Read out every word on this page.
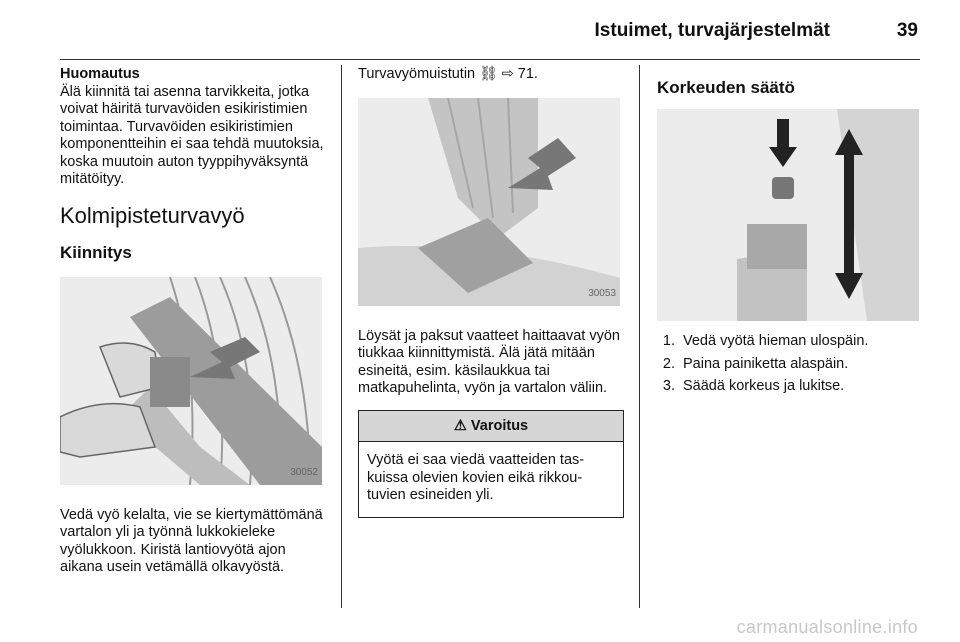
Istuimet, turvajärjestelmät	39
Huomautus
Älä kiinnitä tai asenna tarvikkeita, jotka voivat häiritä turvavöiden esikiristimien toimintaa. Turvavöiden esikiristimien komponentteihin ei saa tehdä muutoksia, koska muutoin auton tyyppihyväksyntä mitätöityy.
Kolmipisteturvavyö
Kiinnitys
30052
Vedä vyö kelalta, vie se kiertymättömänä vartalon yli ja työnnä lukkokieleke vyölukkoon. Kiristä lantiovyötä ajon aikana usein vetämällä olkavyöstä.
Turvavyömuistutin ⛓ ⇨ 71.
30053
Löysät ja paksut vaatteet haittaavat vyön tiukkaa kiinnittymistä. Älä jätä mitään esineitä, esim. käsilaukkua tai matkapuhelinta, vyön ja vartalon väliin.
⚠ Varoitus
Vyötä ei saa viedä vaatteiden taskuissa olevien kovien eikä rikkoutuvien esineiden yli.
Korkeuden säätö
1. Vedä vyötä hieman ulospäin.
2. Paina painiketta alaspäin.
3. Säädä korkeus ja lukitse.
carmanualsonline.info
